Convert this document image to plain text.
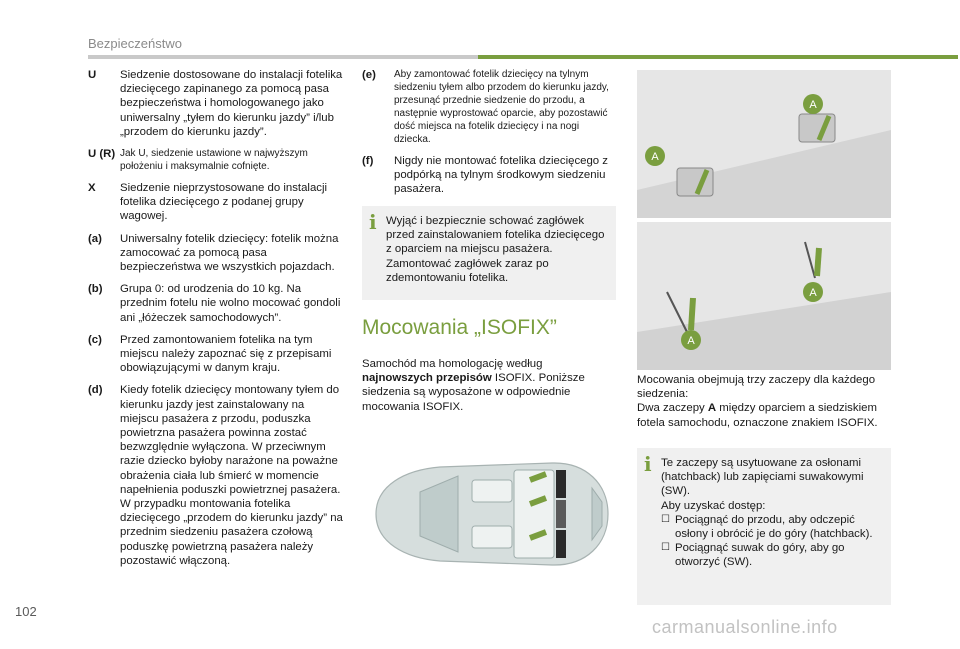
Bezpieczeństwo
U	Siedzenie dostosowane do instalacji fotelika dziecięcego zapinanego za pomocą pasa bezpieczeństwa i homologowanego jako uniwersalny „tyłem do kierunku jazdy” i/lub „przodem do kierunku jazdy”.
U (R) Jak U, siedzenie ustawione w najwyższym położeniu i maksymalnie cofnięte.
X	Siedzenie nieprzystosowane do instalacji fotelika dziecięcego z podanej grupy wagowej.
(a)	Uniwersalny fotelik dziecięcy: fotelik można zamocować za pomocą pasa bezpieczeństwa we wszystkich pojazdach.
(b)	Grupa 0: od urodzenia do 10 kg. Na przednim fotelu nie wolno mocować gondoli ani „łóżeczek samochodowych”.
(c)	Przed zamontowaniem fotelika na tym miejscu należy zapoznać się z przepisami obowiązującymi w danym kraju.
(d)	Kiedy fotelik dziecięcy montowany tyłem do kierunku jazdy jest zainstalowany na miejscu pasażera z przodu, poduszka powietrzna pasażera powinna zostać bezwzględnie wyłączona. W przeciwnym razie dziecko byłoby narażone na poważne obrażenia ciała lub śmierć w momencie napełnienia poduszki powietrznej pasażera. W przypadku montowania fotelika dziecięcego „przodem do kierunku jazdy” na przednim siedzeniu pasażera czołową poduszkę powietrzną pasażera należy pozostawić włączoną.
(e)	Aby zamontować fotelik dziecięcy na tylnym siedzeniu tyłem albo przodem do kierunku jazdy, przesunąć przednie siedzenie do przodu, a następnie wyprostować oparcie, aby pozostawić dość miejsca na fotelik dziecięcy i na nogi dziecka.
(f)	Nigdy nie montować fotelika dziecięcego z podpórką na tylnym środkowym siedzeniu pasażera.
i Wyjąć i bezpiecznie schować zagłówek przed zainstalowaniem fotelika dziecięcego z oparciem na miejscu pasażera.

Zamontować zagłówek zaraz po zdemontowaniu fotelika.

Mocowania „ISOFIX”
Samochód ma homologację według najnowszych przepisów ISOFIX. Poniższe siedzenia są wyposażone w odpowiednie mocowania ISOFIX.
A
A
A
A
Mocowania obejmują trzy zaczepy dla każdego siedzenia:
Dwa zaczepy A między oparciem a siedziskiem fotela samochodu, oznaczone znakiem ISOFIX.
i Te zaczepy są usytuowane za osłonami (hatchback) lub zapięciami suwakowymi (SW).

Aby uzyskać dostęp:

☐ Pociągnąć do przodu, aby odczepić osłony i obrócić je do góry (hatchback).
☐ Pociągnąć suwak do góry, aby go otworzyć (SW).
102
carmanualsonline.info
